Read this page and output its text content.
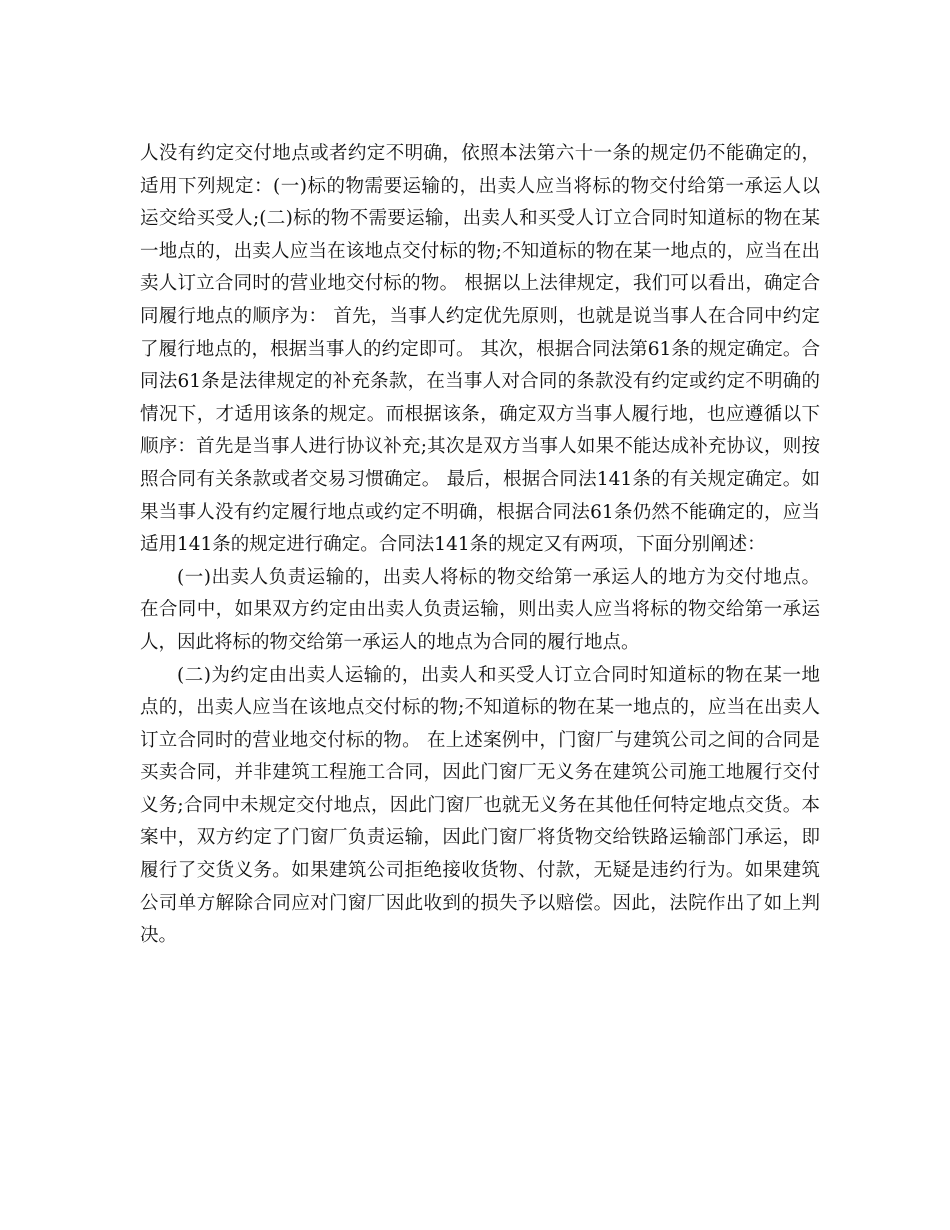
人没有约定交付地点或者约定不明确，依照本法第六十一条的规定仍不能确定的，适用下列规定：(一)标的物需要运输的，出卖人应当将标的物交付给第一承运人以运交给买受人;(二)标的物不需要运输，出卖人和买受人订立合同时知道标的物在某一地点的，出卖人应当在该地点交付标的物;不知道标的物在某一地点的，应当在出卖人订立合同时的营业地交付标的物。 根据以上法律规定，我们可以看出，确定合同履行地点的顺序为： 首先，当事人约定优先原则，也就是说当事人在合同中约定了履行地点的，根据当事人的约定即可。 其次，根据合同法第61条的规定确定。合同法61条是法律规定的补充条款，在当事人对合同的条款没有约定或约定不明确的情况下，才适用该条的规定。而根据该条，确定双方当事人履行地，也应遵循以下顺序：首先是当事人进行协议补充;其次是双方当事人如果不能达成补充协议，则按照合同有关条款或者交易习惯确定。 最后，根据合同法141条的有关规定确定。如果当事人没有约定履行地点或约定不明确，根据合同法61条仍然不能确定的，应当适用141条的规定进行确定。合同法141条的规定又有两项，下面分别阐述：

(一)出卖人负责运输的，出卖人将标的物交给第一承运人的地方为交付地点。在合同中，如果双方约定由出卖人负责运输，则出卖人应当将标的物交给第一承运人，因此将标的物交给第一承运人的地点为合同的履行地点。

(二)为约定由出卖人运输的，出卖人和买受人订立合同时知道标的物在某一地点的，出卖人应当在该地点交付标的物;不知道标的物在某一地点的，应当在出卖人订立合同时的营业地交付标的物。 在上述案例中，门窗厂与建筑公司之间的合同是买卖合同，并非建筑工程施工合同，因此门窗厂无义务在建筑公司施工地履行交付义务;合同中未规定交付地点，因此门窗厂也就无义务在其他任何特定地点交货。本案中，双方约定了门窗厂负责运输，因此门窗厂将货物交给铁路运输部门承运，即履行了交货义务。如果建筑公司拒绝接收货物、付款，无疑是违约行为。如果建筑公司单方解除合同应对门窗厂因此收到的损失予以赔偿。因此，法院作出了如上判决。
